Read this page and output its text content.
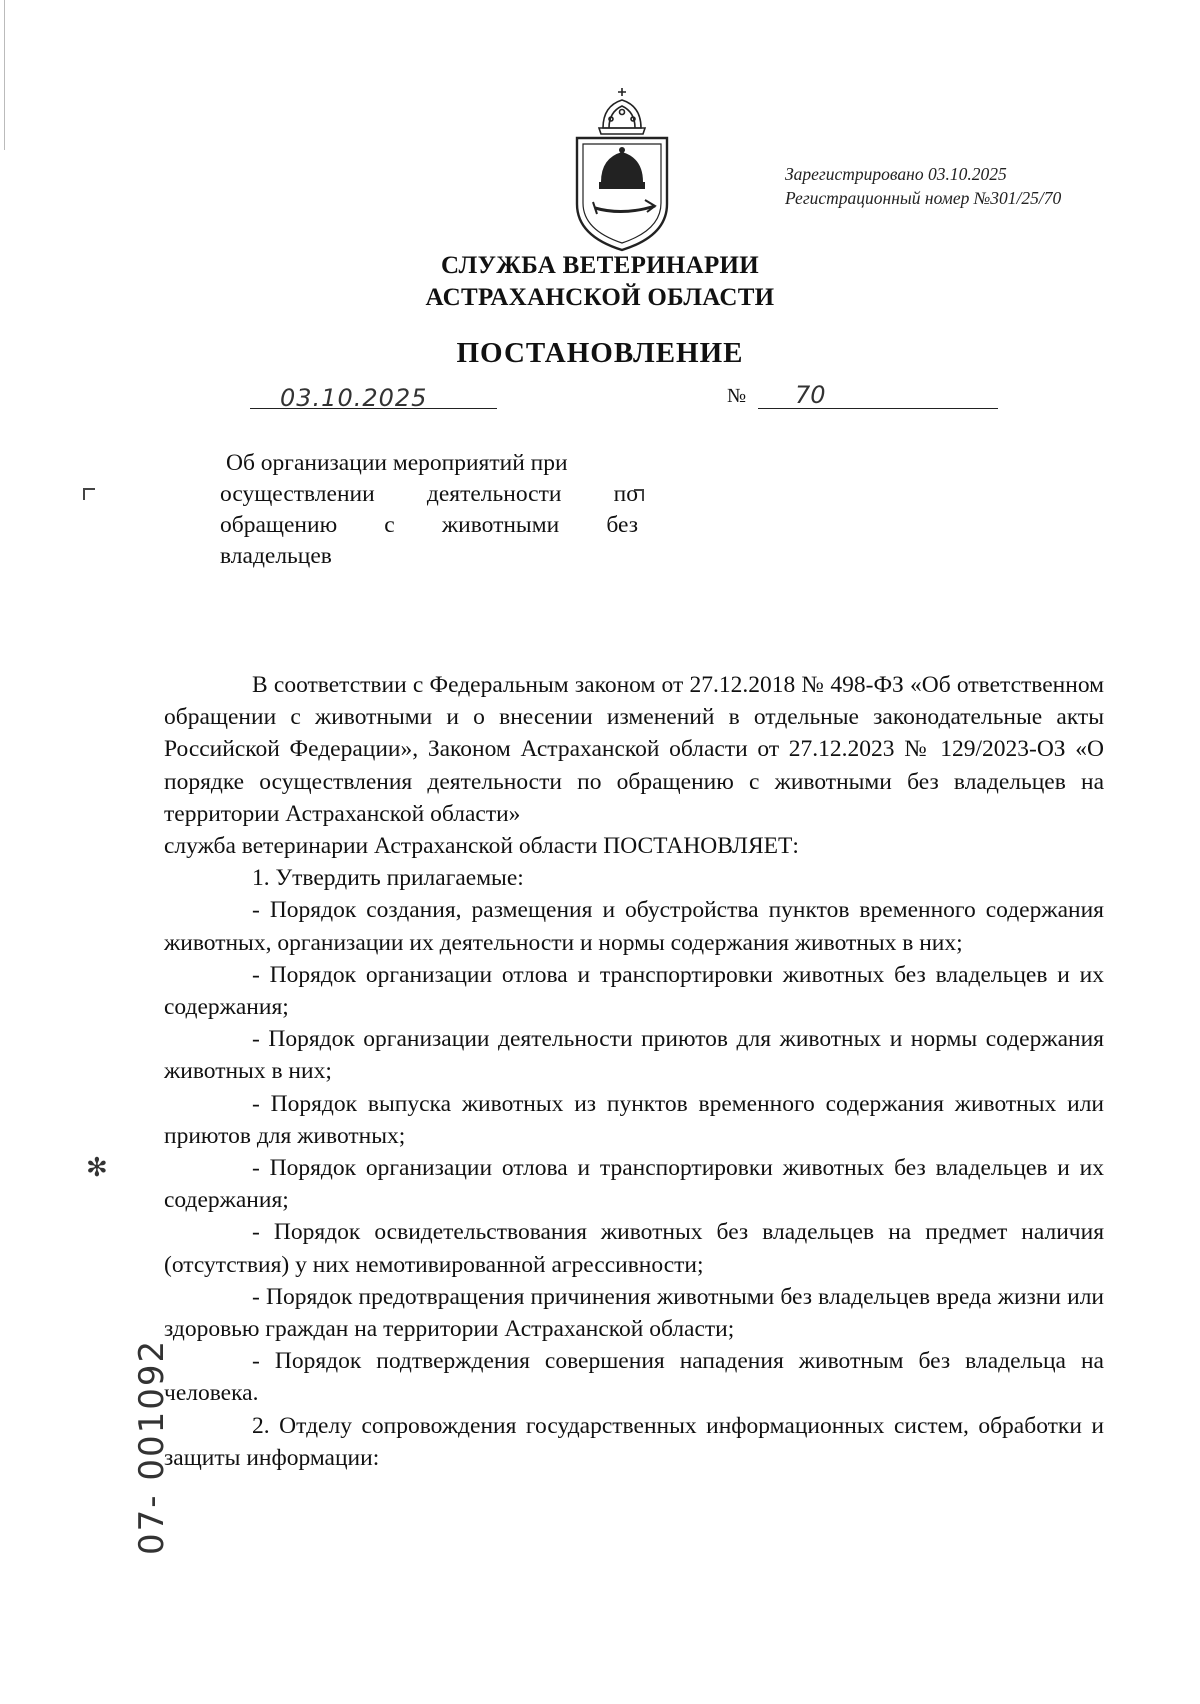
Зарегистрировано 03.10.2025
Регистрационный номер №301/25/70
СЛУЖБА ВЕТЕРИНАРИИ
АСТРАХАНСКОЙ ОБЛАСТИ
ПОСТАНОВЛЕНИЕ
03.10.2025	№ 70

Об организации мероприятий при

осуществлении деятельности по

обращению с животными без

владельцев

В соответствии с Федеральным законом от 27.12.2018 № 498-ФЗ «Об ответственном обращении с животными и о внесении изменений в отдельные законодательные акты Российской Федерации», Законом Астраханской области от 27.12.2023 № 129/2023-ОЗ «О порядке осуществления деятельности по обращению с животными без владельцев на территории Астраханской области»

служба ветеринарии Астраханской области ПОСТАНОВЛЯЕТ:

1. Утвердить прилагаемые:

- Порядок создания, размещения и обустройства пунктов временного содержания животных, организации их деятельности и нормы содержания животных в них;

- Порядок организации отлова и транспортировки животных без владельцев и их содержания;

- Порядок организации деятельности приютов для животных и нормы содержания животных в них;

- Порядок выпуска животных из пунктов временного содержания животных или приютов для животных;

- Порядок организации отлова и транспортировки животных без владельцев и их содержания;

- Порядок освидетельствования животных без владельцев на предмет наличия (отсутствия) у них немотивированной агрессивности;

- Порядок предотвращения причинения животными без владельцев вреда жизни или здоровью граждан на территории Астраханской области;

- Порядок подтверждения совершения нападения животным без владельца на человека.

2. Отделу сопровождения государственных информационных систем, обработки и защиты информации:

✻
07- 001092
